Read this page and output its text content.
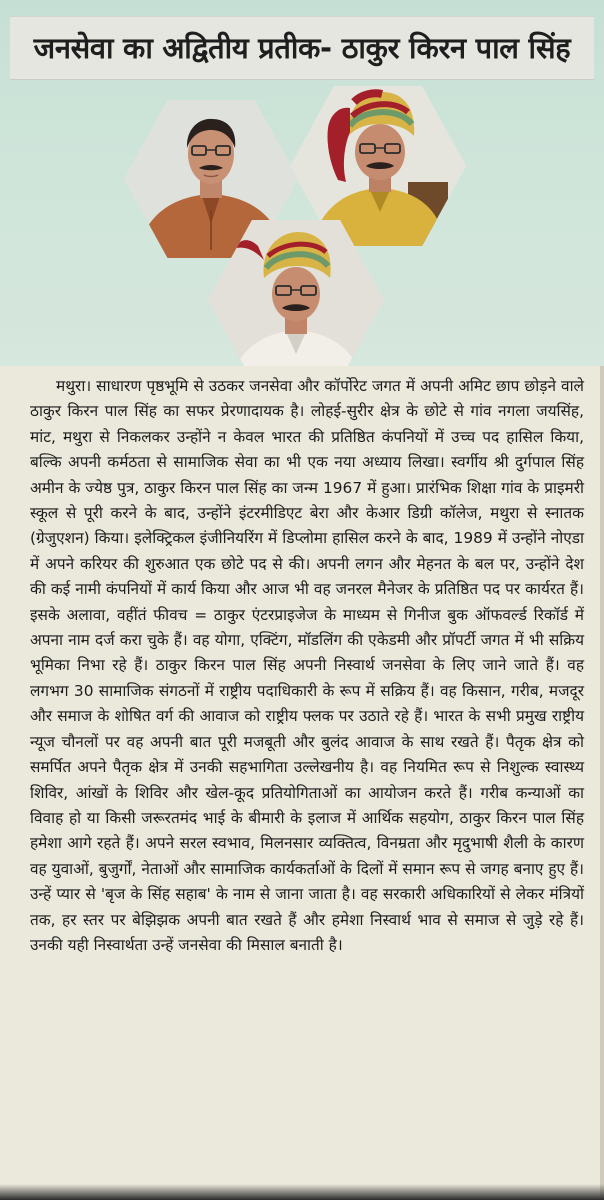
जनसेवा का अद्वितीय प्रतीक- ठाकुर किरन पाल सिंह

मथुरा। साधारण पृष्ठभूमि से उठकर जनसेवा और कॉर्पोरेट जगत में अपनी अमिट छाप छोड़ने वाले ठाकुर किरन पाल सिंह का सफर प्रेरणादायक है। लोहई-सुरीर क्षेत्र के छोटे से गांव नगला जयसिंह, मांट, मथुरा से निकलकर उन्होंने न केवल भारत की प्रतिष्ठित कंपनियों में उच्च पद हासिल किया, बल्कि अपनी कर्मठता से सामाजिक सेवा का भी एक नया अध्याय लिखा। स्वर्गीय श्री दुर्गपाल सिंह अमीन के ज्येष्ठ पुत्र, ठाकुर किरन पाल सिंह का जन्म 1967 में हुआ। प्रारंभिक शिक्षा गांव के प्राइमरी स्कूल से पूरी करने के बाद, उन्होंने इंटरमीडिएट बेरा और केआर डिग्री कॉलेज, मथुरा से स्नातक (ग्रेजुएशन) किया। इलेक्ट्रिकल इंजीनियरिंग में डिप्लोमा हासिल करने के बाद, 1989 में उन्होंने नोएडा में अपने करियर की शुरुआत एक छोटे पद से की। अपनी लगन और मेहनत के बल पर, उन्होंने देश की कई नामी कंपनियों में कार्य किया और आज भी वह जनरल मैनेजर के प्रतिष्ठित पद पर कार्यरत हैं। इसके अलावा, वहींतं फीवच = ठाकुर एंटरप्राइजेज के माध्यम से गिनीज बुक ऑफवर्ल्ड रिकॉर्ड में अपना नाम दर्ज करा चुके हैं। वह योगा, एक्टिंग, मॉडलिंग की एकेडमी और प्रॉपर्टी जगत में भी सक्रिय भूमिका निभा रहे हैं। ठाकुर किरन पाल सिंह अपनी निस्वार्थ जनसेवा के लिए जाने जाते हैं। वह लगभग 30 सामाजिक संगठनों में राष्ट्रीय पदाधिकारी के रूप में सक्रिय हैं। वह किसान, गरीब, मजदूर और समाज के शोषित वर्ग की आवाज को राष्ट्रीय फ्लक पर उठाते रहे हैं। भारत के सभी प्रमुख राष्ट्रीय न्यूज चौनलों पर वह अपनी बात पूरी मजबूती और बुलंद आवाज के साथ रखते हैं। पैतृक क्षेत्र को समर्पित अपने पैतृक क्षेत्र में उनकी सहभागिता उल्लेखनीय है। वह नियमित रूप से निशुल्क स्वास्थ्य शिविर, आंखों के शिविर और खेल-कूद प्रतियोगिताओं का आयोजन करते हैं। गरीब कन्याओं का विवाह हो या किसी जरूरतमंद भाई के बीमारी के इलाज में आर्थिक सहयोग, ठाकुर किरन पाल सिंह हमेशा आगे रहते हैं। अपने सरल स्वभाव, मिलनसार व्यक्तित्व, विनम्रता और मृदुभाषी शैली के कारण वह युवाओं, बुजुर्गों, नेताओं और सामाजिक कार्यकर्ताओं के दिलों में समान रूप से जगह बनाए हुए हैं। उन्हें प्यार से 'बृज के सिंह सहाब' के नाम से जाना जाता है। वह सरकारी अधिकारियों से लेकर मंत्रियों तक, हर स्तर पर बेझिझक अपनी बात रखते हैं और हमेशा निस्वार्थ भाव से समाज से जुड़े रहे हैं। उनकी यही निस्वार्थता उन्हें जनसेवा की मिसाल बनाती है।
